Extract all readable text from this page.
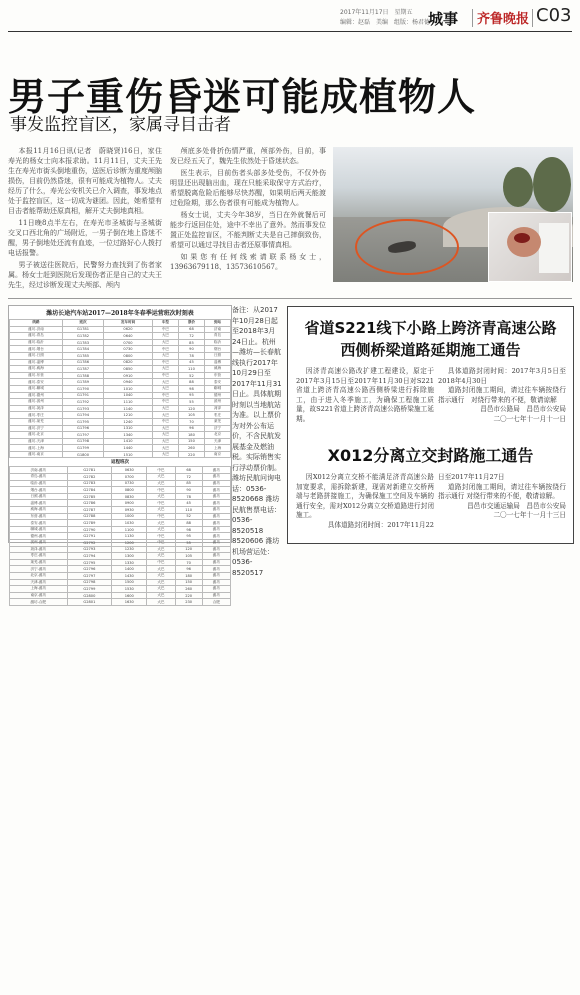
2017年11月17日　星期五
编辑：赵磊　美编　组版：杨君德
城事 齐鲁晚报 C03
男子重伤昏迷可能成植物人
事发监控盲区，家属寻目击者

本报11月16日讯(记者　蔚晓贤)16日，家住寿光的杨女士向本报求助。11月11日，丈夫王先生在寿光市街头倒地重伤，送医后诊断为重度颅脑损伤，目前仍然昏迷，很有可能成为植物人。丈夫经历了什么，寿光公安机关已介入调查，事发地点处于监控盲区，这一切成为谜团。因此，她希望有目击者能帮助还原真相，解开丈夫倒地真相。

11日晚8点半左右，在寿光市圣城街与圣城街交叉口西北角的广场附近，一男子倒在地上昏迷不醒，男子倒地处还流有血迹，一位过路好心人拨打电话报警。

男子被送往医院后，民警努力查找到了伤者家属。杨女士赶到医院后发现伤者正是自己的丈夫王先生，经过诊断发现丈夫颅部、颅内

颅底多处骨折伤情严重，颅部外伤，目前，事发已经五天了，魏先生依然处于昏迷状态。

医生表示，目前伤者头部多处受伤，不仅外伤明显还出现脑出血，现在只能采取保守方式治疗，希望脱离危险后能够尽快苏醒，如果明后两天能渡过危险期，那么伤者很有可能成为植物人。

杨女士说，丈夫今年38岁，当日在外就餐后可能步行返回住处，途中不幸出了意外。然而事发位置正处监控盲区，不能判断丈夫是自己摔倒致伤，希望可以通过寻找目击者还原事情真相。

如果您有任何线索请联系杨女士，13963679118、13573610567。

潍坊长途汽车站2017—2018年冬春季运营班次时刻表
线路	班次	发车时间	车型	票价	到站
潍坊-济南	G1781	0620	中巴	68	济南
潍坊-青岛	G1782	0640	大巴	72	青岛
潍坊-临沂	G1783	0700	大巴	85	临沂
潍坊-烟台	G1784	0730	中巴	90	烟台
潍坊-日照	G1785	0800	大巴	78	日照
潍坊-淄博	G1786	0820	中巴	45	淄博
潍坊-威海	G1787	0850	大巴	110	威海
潍坊-东营	G1788	0910	中巴	52	东营
潍坊-泰安	G1789	0940	大巴	88	泰安
潍坊-聊城	G1790	1010	大巴	98	聊城
潍坊-德州	G1791	1040	中巴	95	德州
潍坊-滨州	G1792	1110	中巴	55	滨州
潍坊-菏泽	G1793	1140	大巴	120	菏泽
潍坊-枣庄	G1794	1210	大巴	105	枣庄
潍坊-莱芜	G1795	1240	中巴	70	莱芜
潍坊-济宁	G1796	1310	大巴	96	济宁
潍坊-北京	G1797	1340	大巴	180	北京
潍坊-天津	G1798	1410	大巴	150	天津
潍坊-上海	G1799	1440	大巴	260	上海
潍坊-南京	G1800	1510	大巴	220	南京
返程班次
济南-潍坊	G2781	0630	中巴	68	潍坊
青岛-潍坊	G2782	0700	大巴	72	潍坊
临沂-潍坊	G2783	0730	大巴	85	潍坊
烟台-潍坊	G2784	0800	中巴	90	潍坊
日照-潍坊	G2785	0830	大巴	78	潍坊
淄博-潍坊	G2786	0900	中巴	45	潍坊
威海-潍坊	G2787	0930	大巴	110	潍坊
东营-潍坊	G2788	1000	中巴	52	潍坊
泰安-潍坊	G2789	1030	大巴	88	潍坊
聊城-潍坊	G2790	1100	大巴	98	潍坊
德州-潍坊	G2791	1130	中巴	95	潍坊
滨州-潍坊	G2792	1200	中巴	55	潍坊
菏泽-潍坊	G2793	1230	大巴	120	潍坊
枣庄-潍坊	G2794	1300	大巴	105	潍坊
莱芜-潍坊	G2795	1330	中巴	70	潍坊
济宁-潍坊	G2796	1400	大巴	96	潍坊
北京-潍坊	G2797	1430	大巴	180	潍坊
天津-潍坊	G2798	1500	大巴	150	潍坊
上海-潍坊	G2799	1530	大巴	260	潍坊
南京-潍坊	G2800	1600	大巴	220	潍坊
潍坊-合肥	G2801	1630	大巴	230	合肥
备注：从2017年10月28日起至2018年3月24日止。杭州—潍坊—长春航线执行2017年10月29日至2017年11月31日止。具体航期时刻以当地航站为准。以上票价为对外公布运价，不含民航发展基金及燃油税。实际销售实行浮动票价制。潍坊民航问询电话：0536-8520668 潍坊民航售票电话：0536-8520518 8520606 潍坊机场营运处：0536-8520517
省道S221线下小路上跨济青高速公路
西侧桥梁道路延期施工通告

因济青高速公路改扩建工程建设，原定于2017年3月15日至2017年11月30日对S221省道上跨济青高速公路西侧桥梁进行拆除施工，由于进入冬季施工，为确保工程施工质量，故S221省道上跨济青高速公路桥梁施工延期。

具体道路封闭时间：2017年3月5日至2018年4月30日

道路封闭施工期间，请过往车辆按绕行指示通行　对绕行带来的不便，敬请谅解

昌邑市公路局　昌邑市公安局

二〇一七年十一月十一日

X012分离立交封路施工通告

因X012分离立交桥不能满足济青高速公路加宽要求，需拆除新建，现需对新建立交桥两端与老路拼接施工，为确保施工空间及车辆的通行安全，需对X012分离立交桥道路进行封闭施工。

具体道路封闭时间：2017年11月22

日至2017年11月27日

道路封闭施工期间，请过往车辆按绕行指示通行 对绕行带来的不便，敬请谅解。

昌邑市交通运输局　昌邑市公安局

二〇一七年十一月十三日
